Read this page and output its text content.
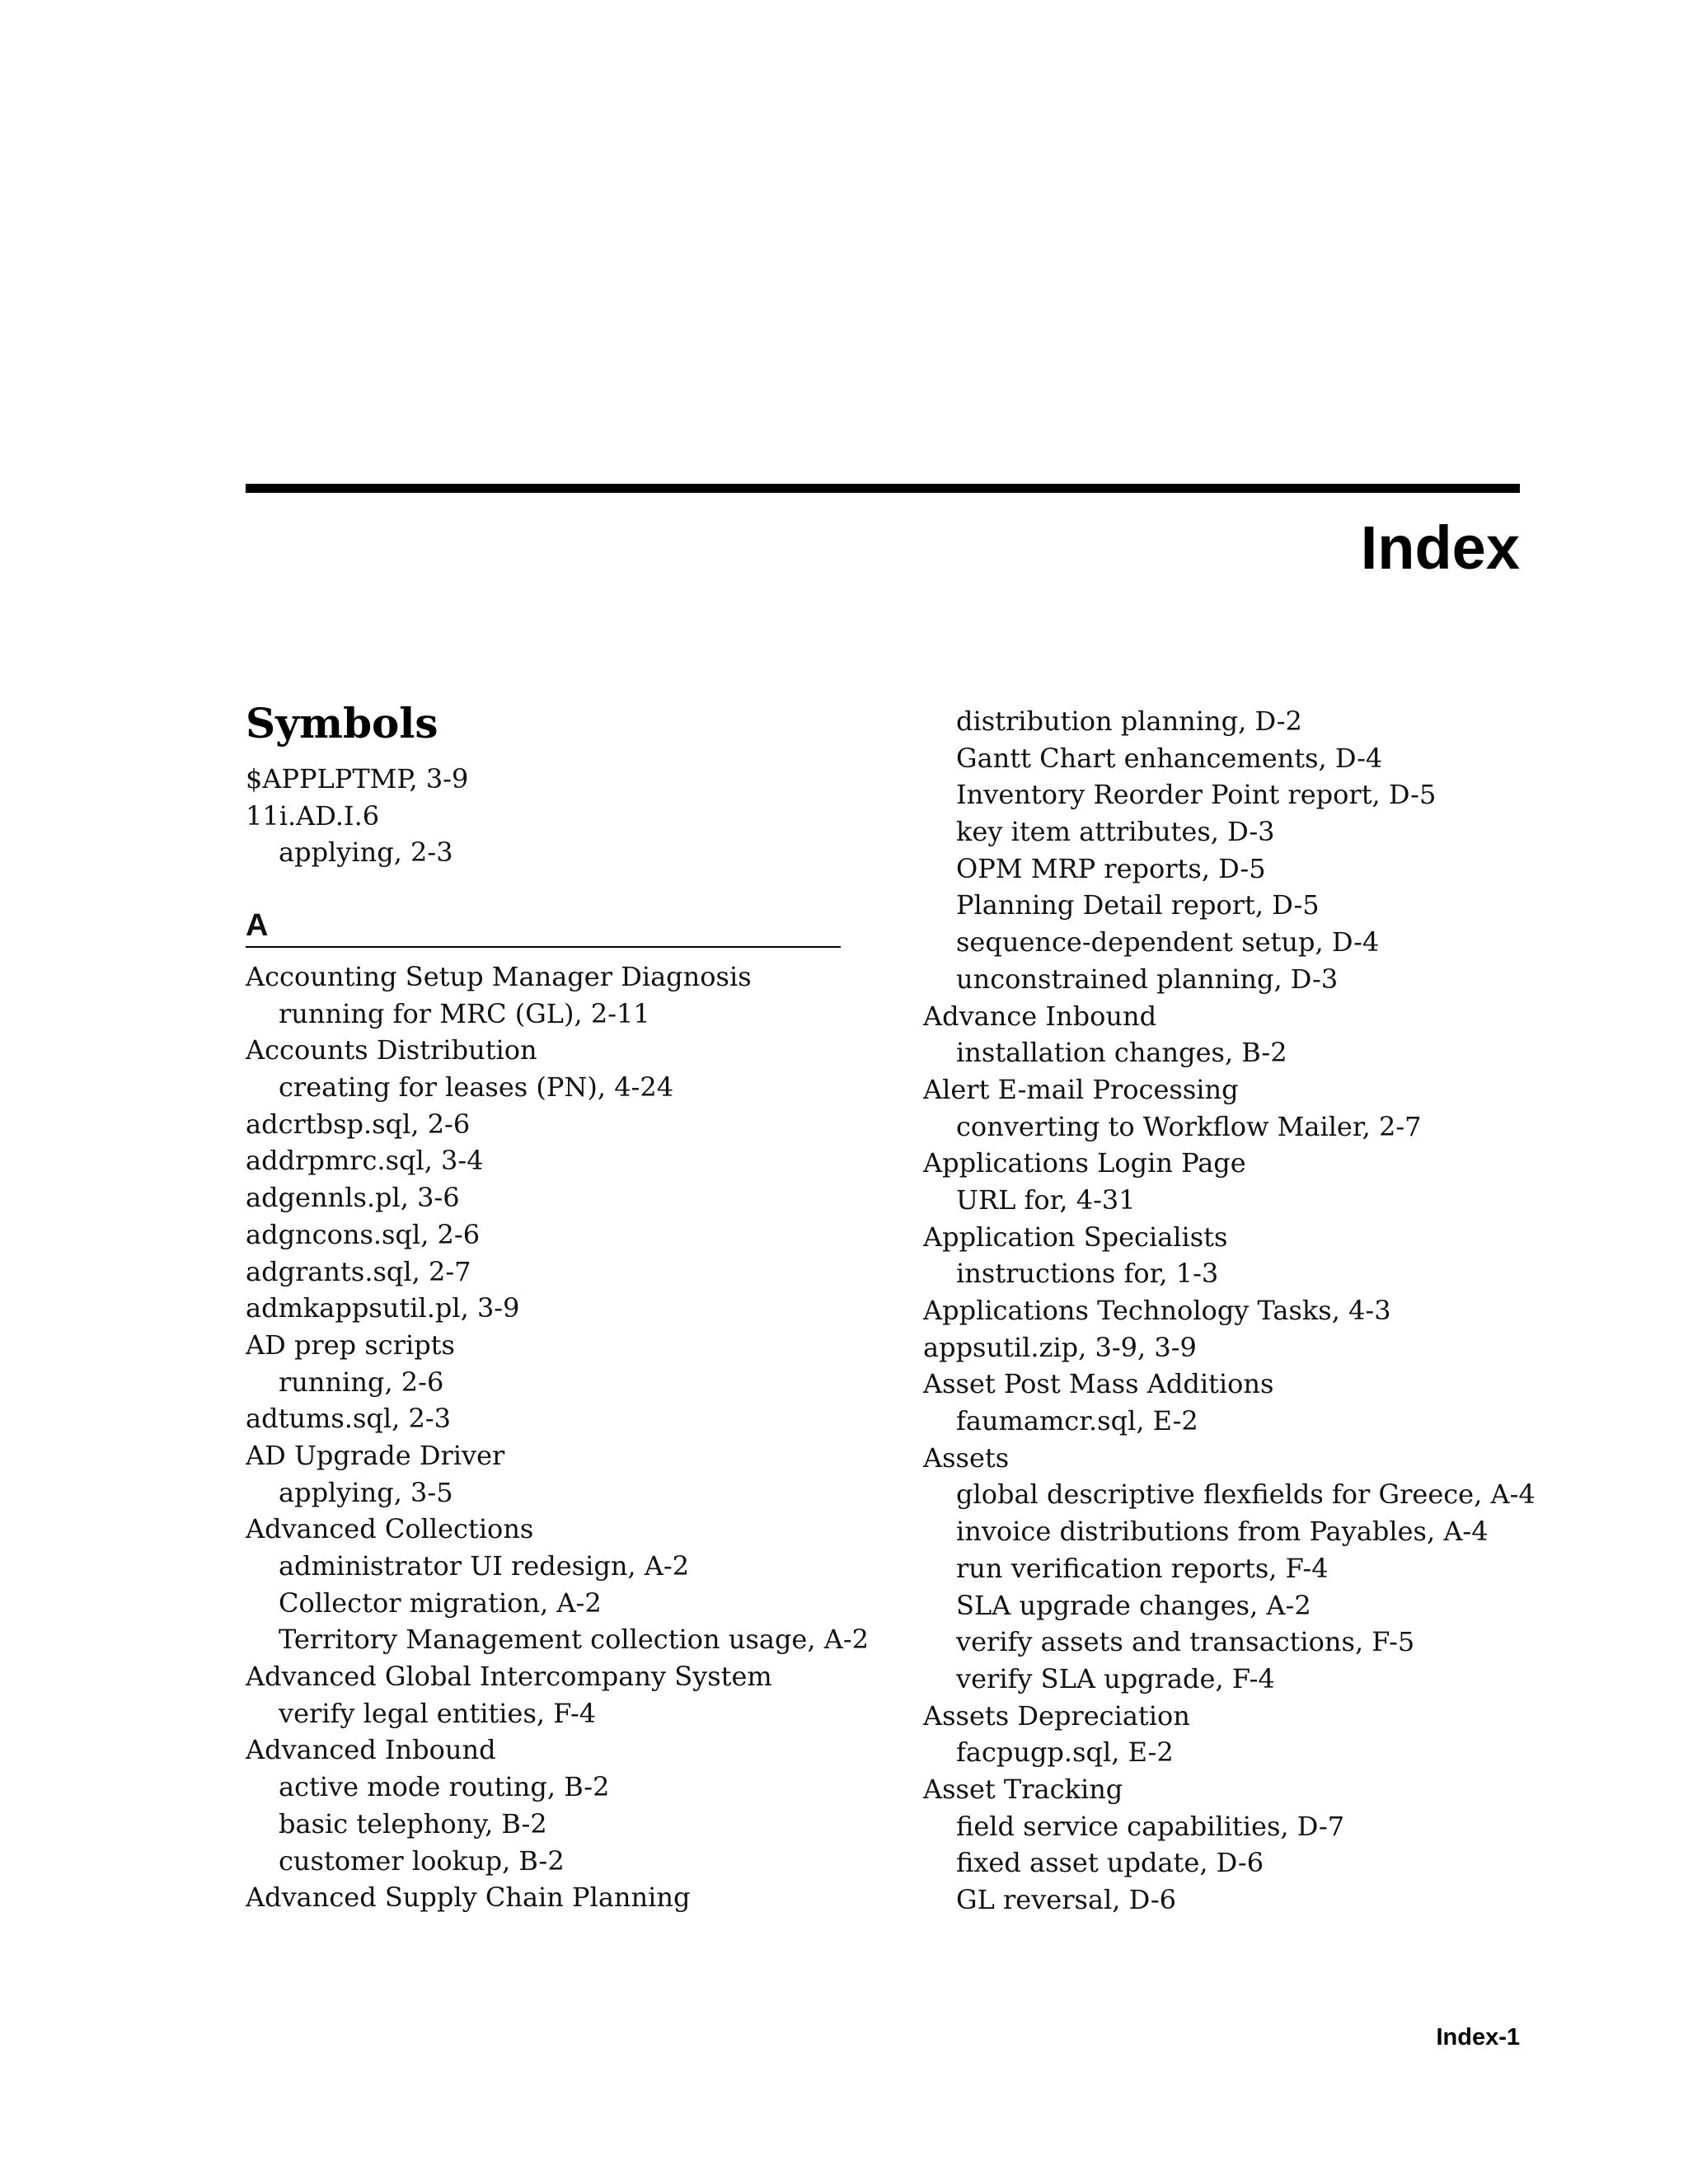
Index
Symbols
$APPLPTMP, 3-9
11i.AD.I.6
applying, 2-3
A
Accounting Setup Manager Diagnosis
running for MRC (GL), 2-11
Accounts Distribution
creating for leases (PN), 4-24
adcrtbsp.sql, 2-6
addrpmrc.sql, 3-4
adgennls.pl, 3-6
adgncons.sql, 2-6
adgrants.sql, 2-7
admkappsutil.pl, 3-9
AD prep scripts
running, 2-6
adtums.sql, 2-3
AD Upgrade Driver
applying, 3-5
Advanced Collections
administrator UI redesign, A-2
Collector migration, A-2
Territory Management collection usage, A-2
Advanced Global Intercompany System
verify legal entities, F-4
Advanced Inbound
active mode routing, B-2
basic telephony, B-2
customer lookup, B-2
Advanced Supply Chain Planning
distribution planning, D-2
Gantt Chart enhancements, D-4
Inventory Reorder Point report, D-5
key item attributes, D-3
OPM MRP reports, D-5
Planning Detail report, D-5
sequence-dependent setup, D-4
unconstrained planning, D-3
Advance Inbound
installation changes, B-2
Alert E-mail Processing
converting to Workflow Mailer, 2-7
Applications Login Page
URL for, 4-31
Application Specialists
instructions for, 1-3
Applications Technology Tasks, 4-3
appsutil.zip, 3-9, 3-9
Asset Post Mass Additions
faumamcr.sql, E-2
Assets
global descriptive flexfields for Greece, A-4
invoice distributions from Payables, A-4
run verification reports, F-4
SLA upgrade changes, A-2
verify assets and transactions, F-5
verify SLA upgrade, F-4
Assets Depreciation
facpugp.sql, E-2
Asset Tracking
field service capabilities, D-7
fixed asset update, D-6
GL reversal, D-6
Index-1
